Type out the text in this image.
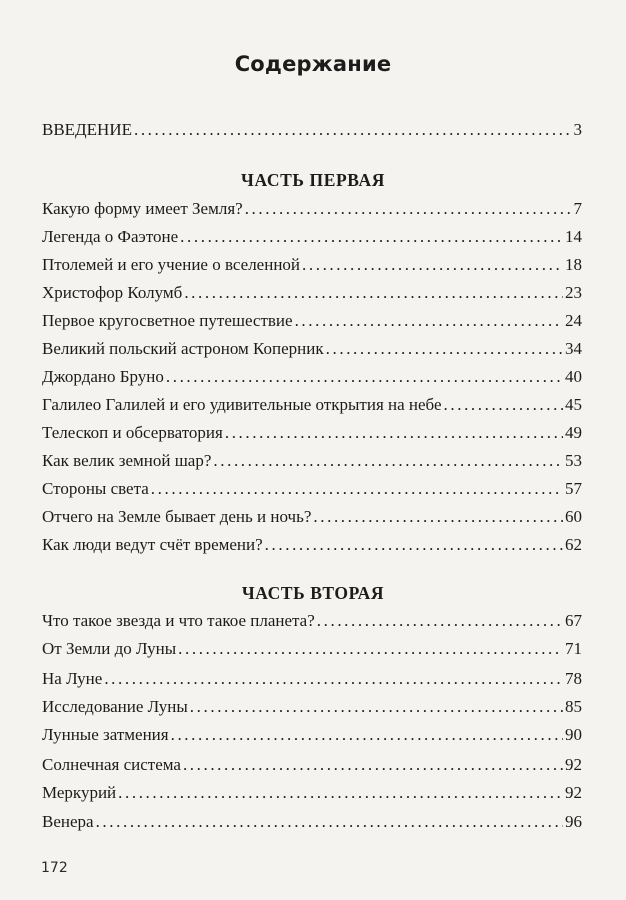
Содержание
ВВЕДЕНИЕ .....	3
ЧАСТЬ ПЕРВАЯ
Какую форму имеет Земля? .....	7
Легенда о Фаэтоне .....	14
Птолемей и его учение о вселенной .....	18
Христофор Колумб .....	23
Первое кругосветное путешествие .....	24
Великий польский астроном Коперник .....	34
Джордано Бруно .....	40
Галилео Галилей и его удивительные открытия на небе .....	45
Телескоп и обсерватория .....	49
Как велик земной шар? .....	53
Стороны света .....	57
Отчего на Земле бывает день и ночь? .....	60
Как люди ведут счёт времени? .....	62
ЧАСТЬ ВТОРАЯ
Что такое звезда и что такое планета? .....	67
От Земли до Луны .....	71
На Луне .....	78
Исследование Луны .....	85
Лунные затмения .....	90
Солнечная система .....	92
Меркурий .....	92
Венера .....	96
172
